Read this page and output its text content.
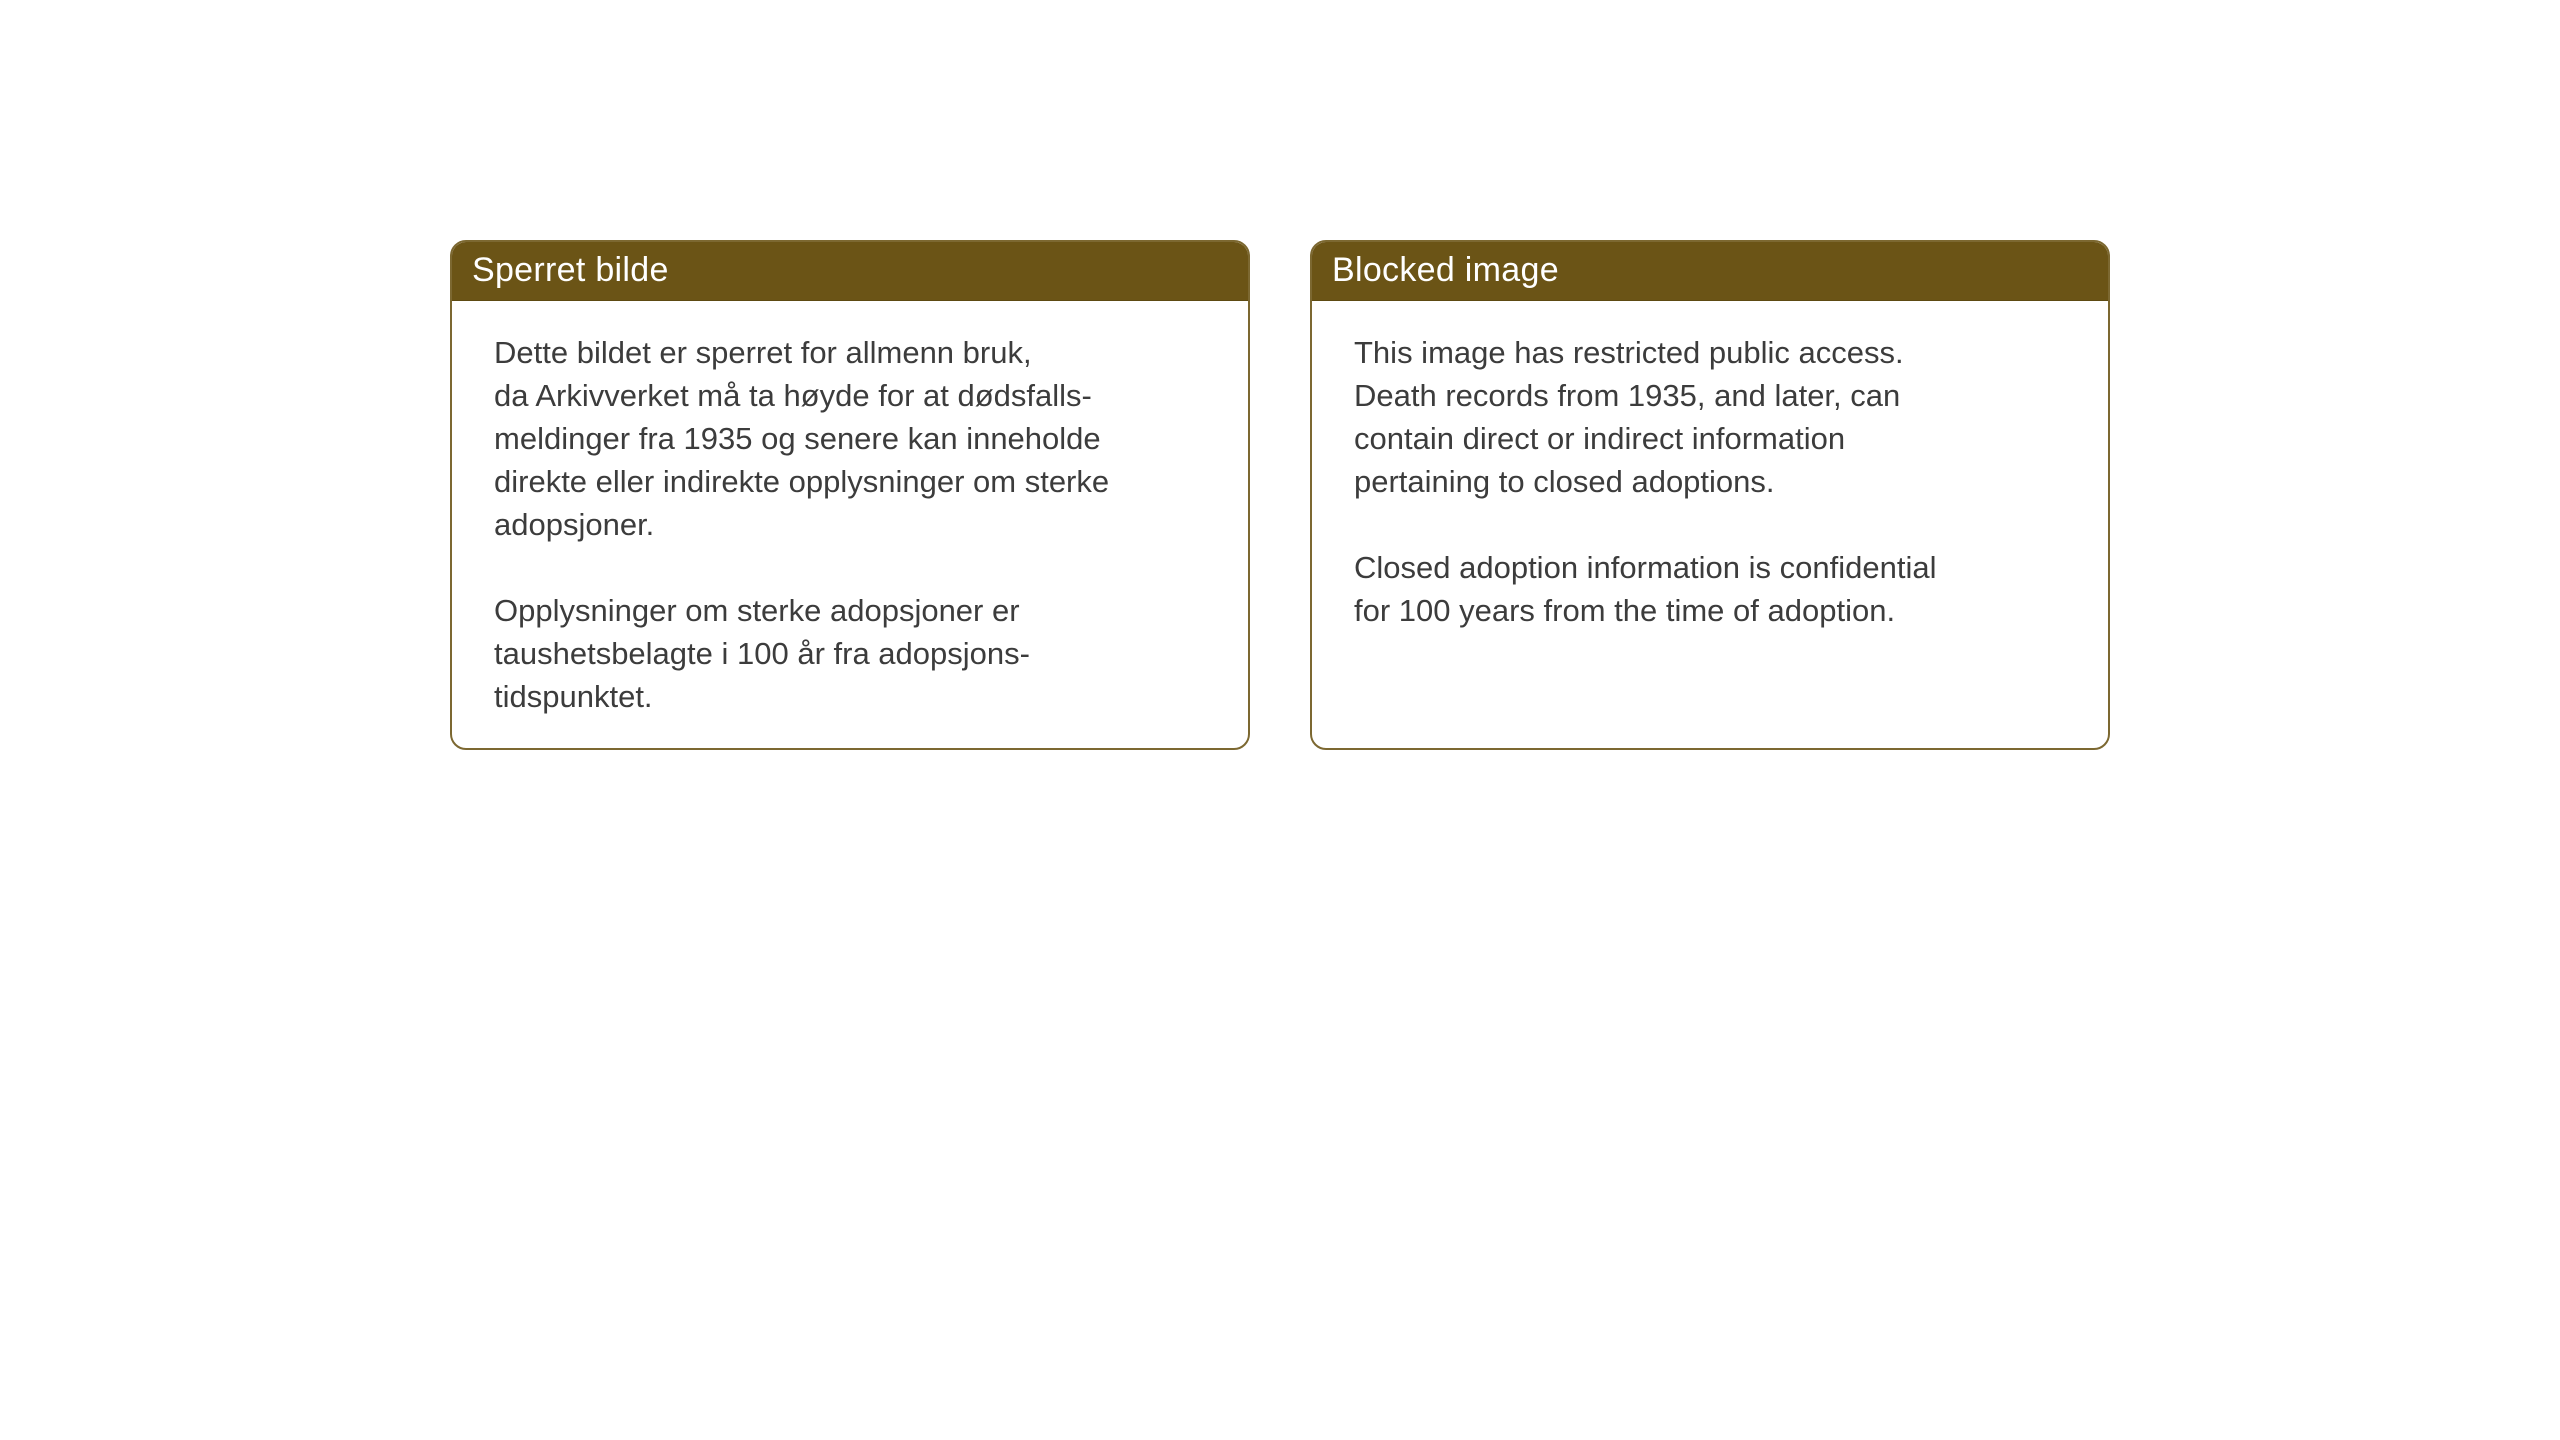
Sperret bilde

Dette bildet er sperret for allmenn bruk,
da Arkivverket må ta høyde for at dødsfalls-
meldinger fra 1935 og senere kan inneholde
direkte eller indirekte opplysninger om sterke
adopsjoner.

Opplysninger om sterke adopsjoner er
taushetsbelagte i 100 år fra adopsjons-
tidspunktet.

Blocked image

This image has restricted public access.
Death records from 1935, and later, can
contain direct or indirect information
pertaining to closed adoptions.

Closed adoption information is confidential
for 100 years from the time of adoption.
